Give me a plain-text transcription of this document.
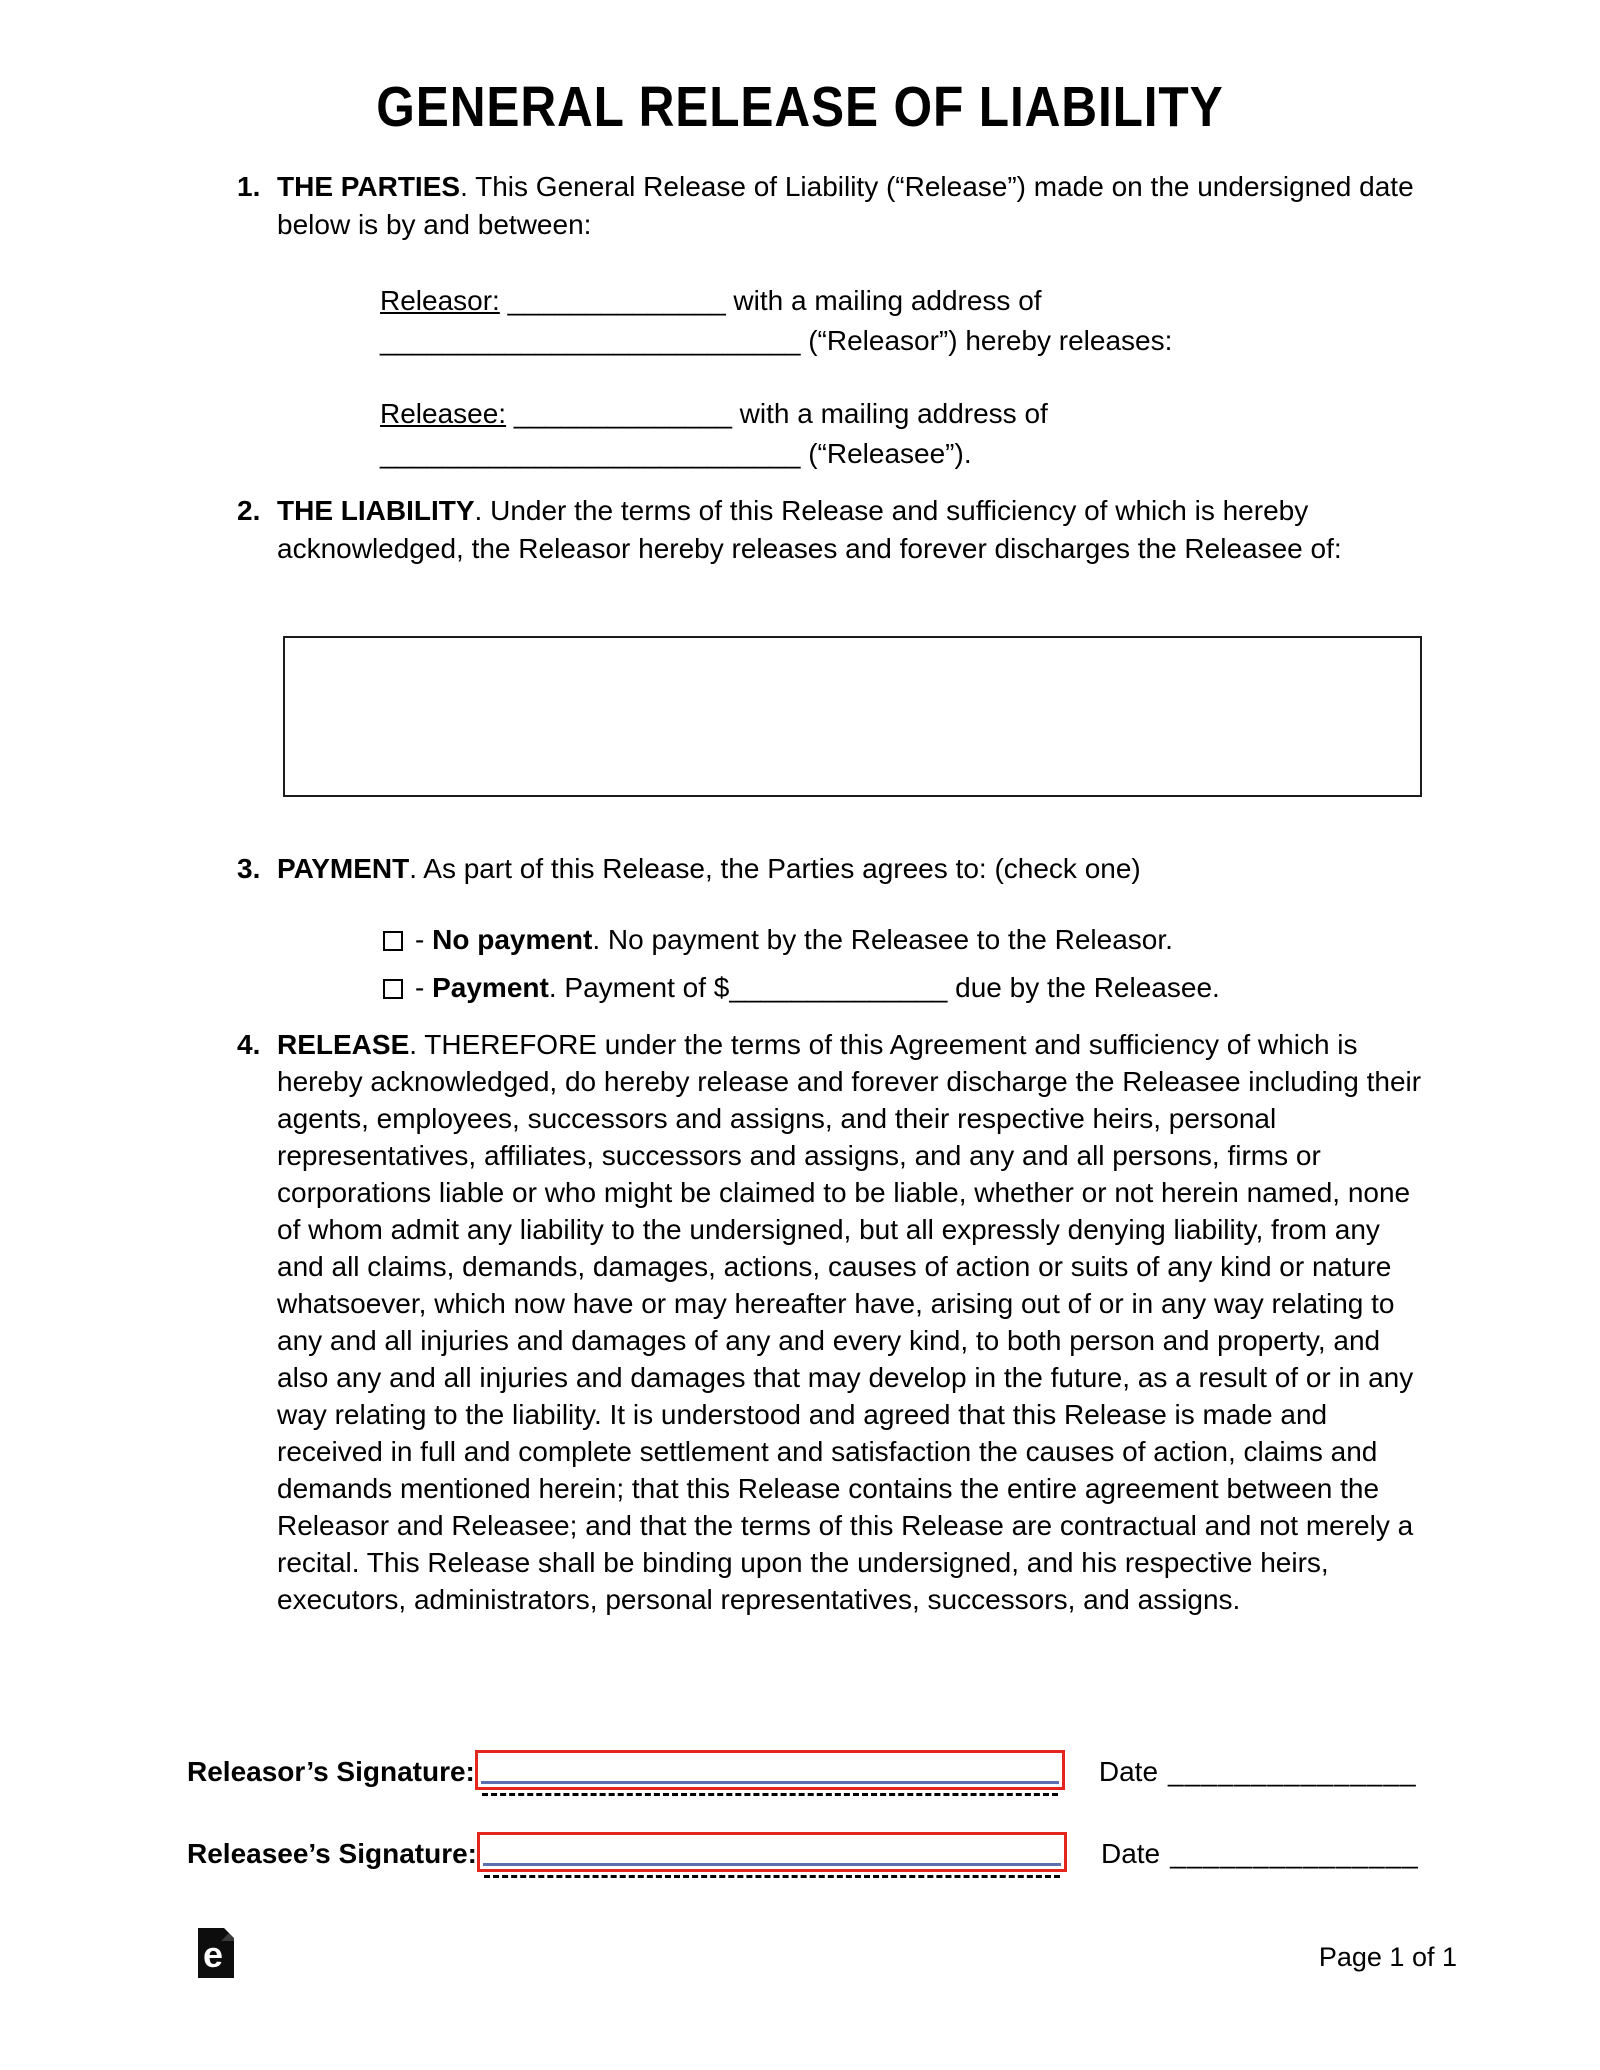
GENERAL RELEASE OF LIABILITY
1. THE PARTIES. This General Release of Liability (“Release”) made on the undersigned date below is by and between:
Releasor: ______________ with a mailing address of
___________________________ (“Releasor”) hereby releases:
Releasee: ______________ with a mailing address of
___________________________ (“Releasee”).
2. THE LIABILITY. Under the terms of this Release and sufficiency of which is hereby acknowledged, the Releasor hereby releases and forever discharges the Releasee of:
3. PAYMENT. As part of this Release, the Parties agrees to: (check one)
- No payment. No payment by the Releasee to the Releasor.
- Payment. Payment of $______________ due by the Releasee.
4. RELEASE. THEREFORE under the terms of this Agreement and sufficiency of which is hereby acknowledged, do hereby release and forever discharge the Releasee including their agents, employees, successors and assigns, and their respective heirs, personal representatives, affiliates, successors and assigns, and any and all persons, firms or corporations liable or who might be claimed to be liable, whether or not herein named, none of whom admit any liability to the undersigned, but all expressly denying liability, from any and all claims, demands, damages, actions, causes of action or suits of any kind or nature whatsoever, which now have or may hereafter have, arising out of or in any way relating to any and all injuries and damages of any and every kind, to both person and property, and also any and all injuries and damages that may develop in the future, as a result of or in any way relating to the liability. It is understood and agreed that this Release is made and received in full and complete settlement and satisfaction the causes of action, claims and demands mentioned herein; that this Release contains the entire agreement between the Releasor and Releasee; and that the terms of this Release are contractual and not merely a recital. This Release shall be binding upon the undersigned, and his respective heirs, executors, administrators, personal representatives, successors, and assigns.
Releasor’s Signature:	Date _______________
Releasee’s Signature:	Date _______________
e	Page 1 of 1
